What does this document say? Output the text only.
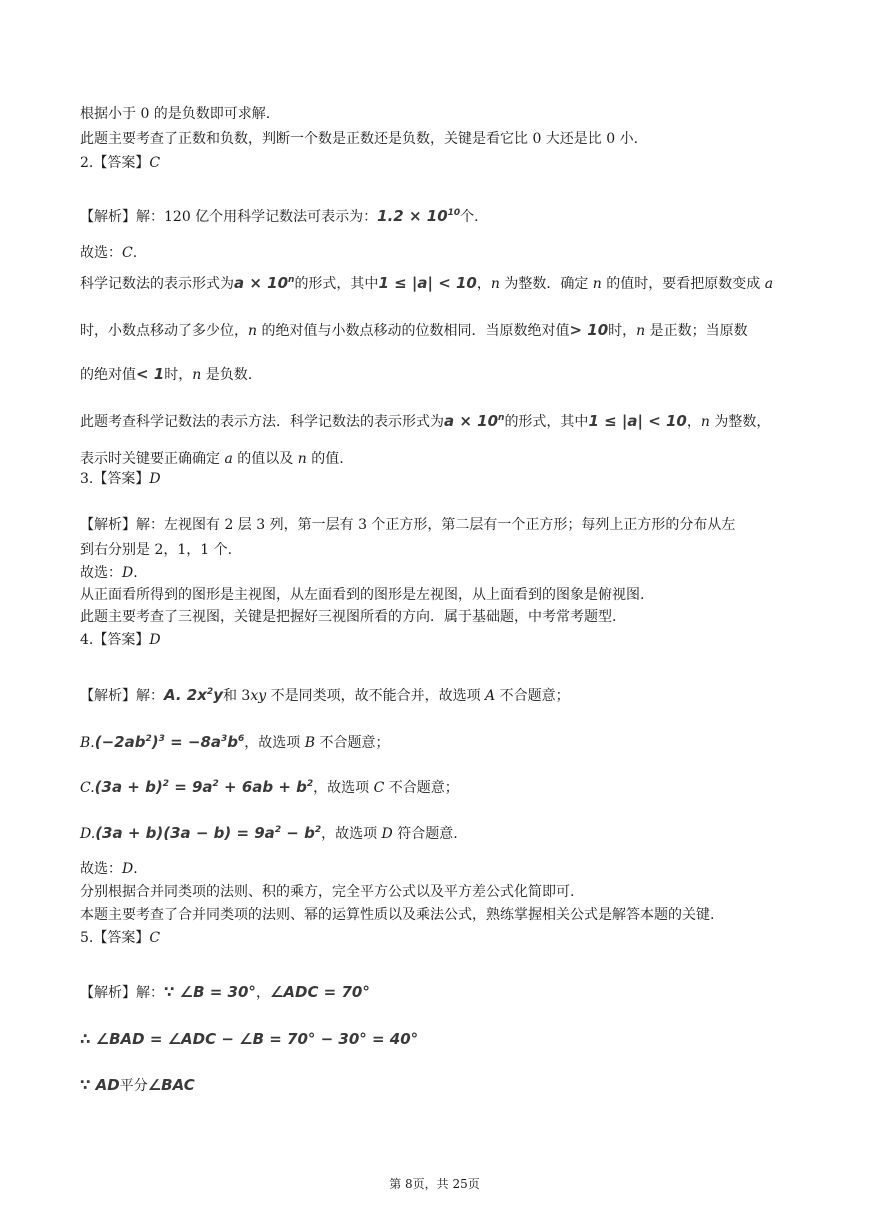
根据小于 0 的是负数即可求解.
此题主要考查了正数和负数，判断一个数是正数还是负数，关键是看它比 0 大还是比 0 小.
2.【答案】C
【解析】解：120 亿个用科学记数法可表示为：$1.2 \times 10^{10}$个.
故选：C.
科学记数法的表示形式为$a \times 10^n$的形式，其中1 ≤ |a| < 10，n 为整数．确定 n 的值时，要看把原数变成 a
时，小数点移动了多少位，n 的绝对值与小数点移动的位数相同．当原数绝对值> 10时，n 是正数；当原数
的绝对值< 1时，n 是负数.
此题考查科学记数法的表示方法．科学记数法的表示形式为$a \times 10^n$的形式，其中1 ≤ |a| < 10，n 为整数，
表示时关键要正确确定 a 的值以及 n 的值.
3.【答案】D
【解析】解：左视图有 2 层 3 列，第一层有 3 个正方形，第二层有一个正方形；每列上正方形的分布从左
到右分别是 2，1，1 个.
故选：D.
从正面看所得到的图形是主视图，从左面看到的图形是左视图，从上面看到的图象是俯视图.
此题主要考查了三视图，关键是把握好三视图所看的方向．属于基础题，中考常考题型.
4.【答案】D
【解析】解：A. $2x^2y$和 3xy 不是同类项，故不能合并，故选项 A 不合题意；
$B.(-2ab^2)^3 = -8a^3b^6$，故选项 B 不合题意；
$C.(3a + b)^2 = 9a^2 + 6ab + b^2$，故选项 C 不合题意；
$D.(3a + b)(3a - b) = 9a^2 - b^2$，故选项 D 符合题意.
故选：D.
分别根据合并同类项的法则、积的乘方，完全平方公式以及平方差公式化简即可.
本题主要考查了合并同类项的法则、幂的运算性质以及乘法公式，熟练掌握相关公式是解答本题的关键.
5.【答案】C
【解析】解：∵ ∠B = 30°，∠ADC = 70°
∴ ∠BAD = ∠ADC − ∠B = 70° − 30° = 40°
∵ AD平分∠BAC
第 8页，共 25页
